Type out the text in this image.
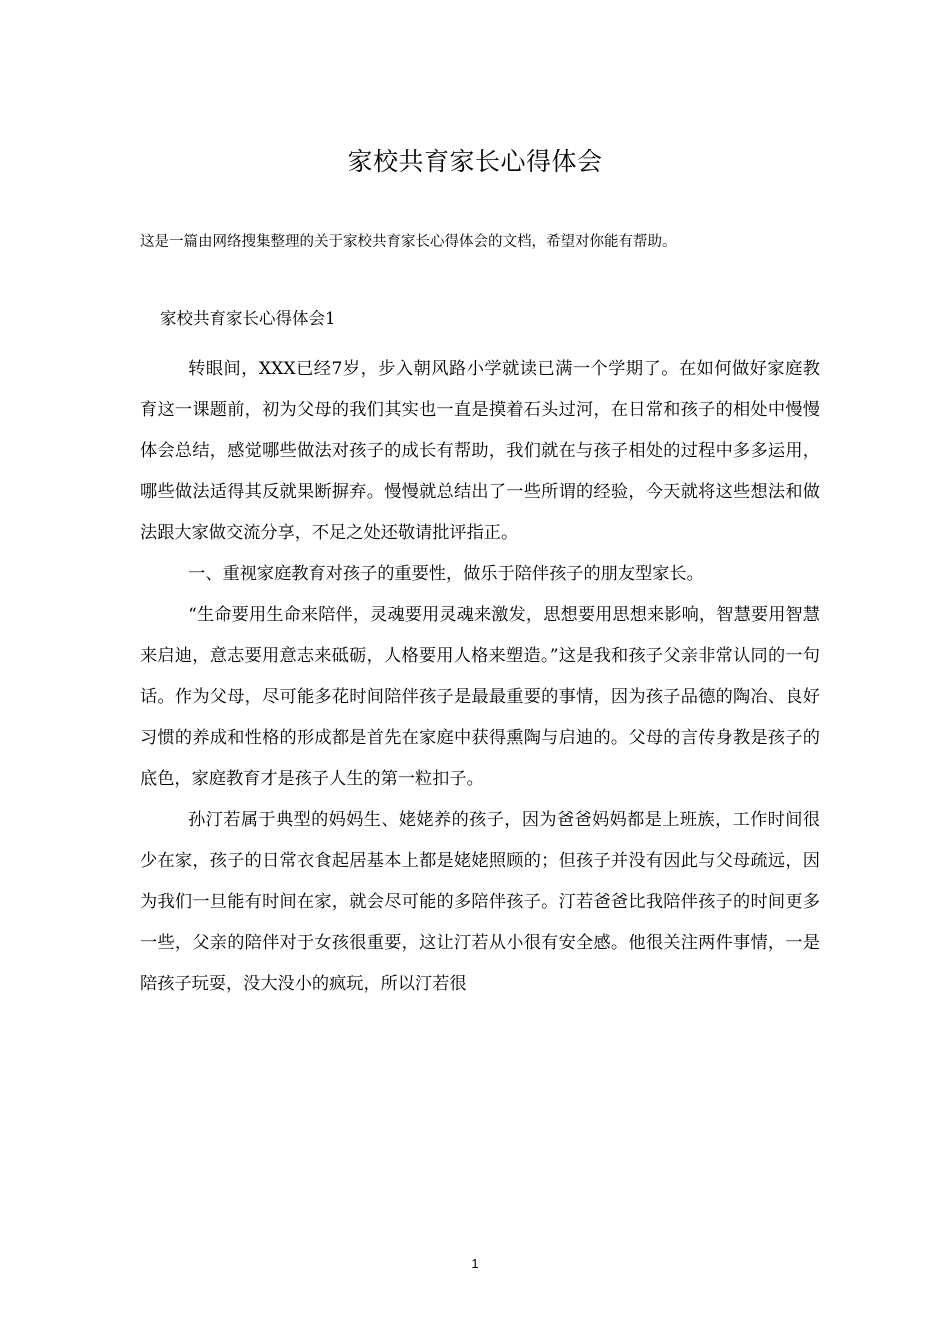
家校共育家长心得体会
这是一篇由网络搜集整理的关于家校共育家长心得体会的文档，希望对你能有帮助。
家校共育家长心得体会1

转眼间，XXX已经7岁，步入朝风路小学就读已满一个学期了。在如何做好家庭教育这一课题前，初为父母的我们其实也一直是摸着石头过河，在日常和孩子的相处中慢慢体会总结，感觉哪些做法对孩子的成长有帮助，我们就在与孩子相处的过程中多多运用，哪些做法适得其反就果断摒弃。慢慢就总结出了一些所谓的经验，今天就将这些想法和做法跟大家做交流分享，不足之处还敬请批评指正。

一、重视家庭教育对孩子的重要性，做乐于陪伴孩子的朋友型家长。

“生命要用生命来陪伴，灵魂要用灵魂来激发，思想要用思想来影响，智慧要用智慧来启迪，意志要用意志来砥砺，人格要用人格来塑造。”这是我和孩子父亲非常认同的一句话。作为父母，尽可能多花时间陪伴孩子是最最重要的事情，因为孩子品德的陶冶、良好习惯的养成和性格的形成都是首先在家庭中获得熏陶与启迪的。父母的言传身教是孩子的底色，家庭教育才是孩子人生的第一粒扣子。

孙汀若属于典型的妈妈生、姥姥养的孩子，因为爸爸妈妈都是上班族，工作时间很少在家，孩子的日常衣食起居基本上都是姥姥照顾的；但孩子并没有因此与父母疏远，因为我们一旦能有时间在家，就会尽可能的多陪伴孩子。汀若爸爸比我陪伴孩子的时间更多一些，父亲的陪伴对于女孩很重要，这让汀若从小很有安全感。他很关注两件事情，一是陪孩子玩耍，没大没小的疯玩，所以汀若很

1
